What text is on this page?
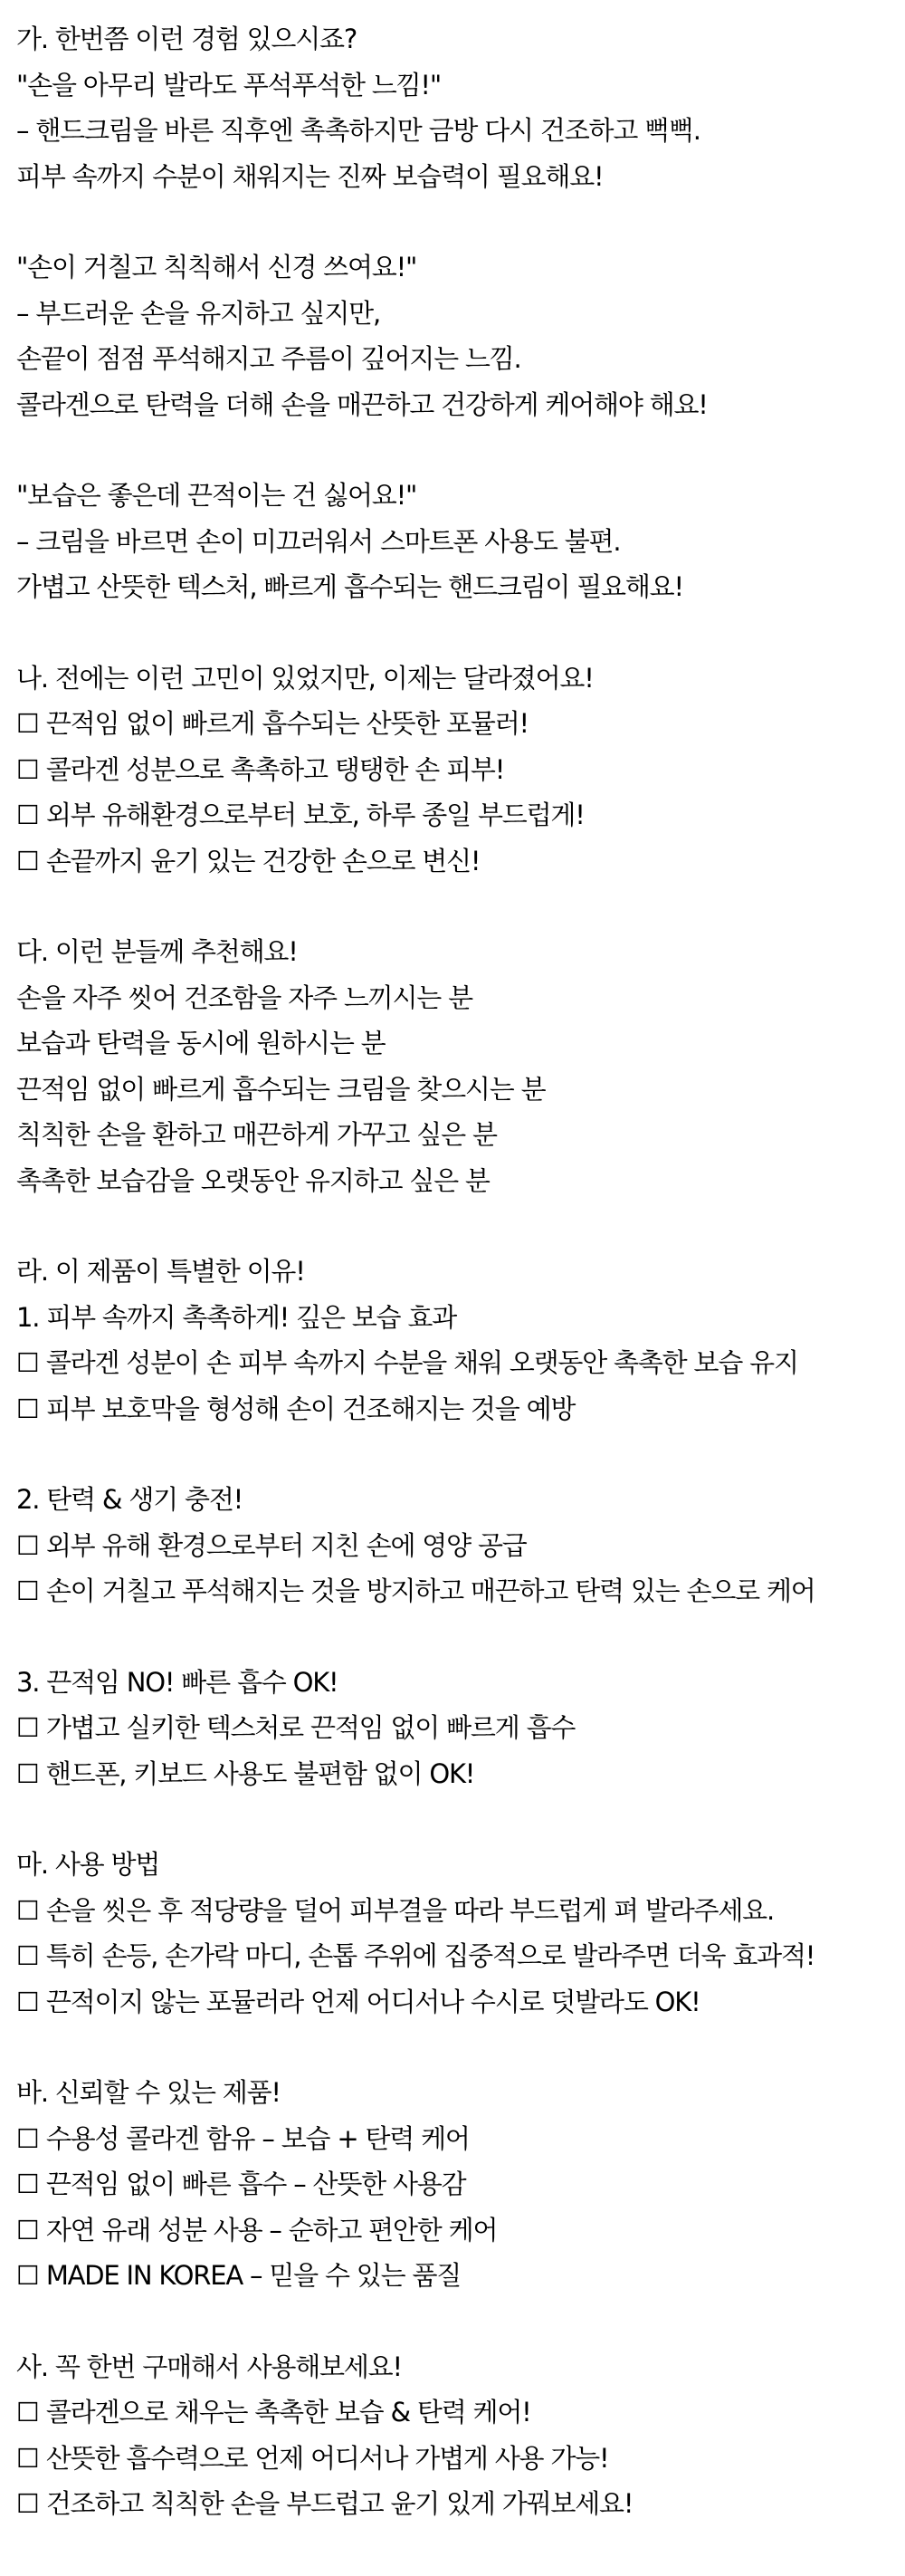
가. 한번쯤 이런 경험 있으시죠?
"손을 아무리 발라도 푸석푸석한 느낌!"
– 핸드크림을 바른 직후엔 촉촉하지만 금방 다시 건조하고 뻑뻑.
피부 속까지 수분이 채워지는 진짜 보습력이 필요해요!
"손이 거칠고 칙칙해서 신경 쓰여요!"
– 부드러운 손을 유지하고 싶지만,
손끝이 점점 푸석해지고 주름이 깊어지는 느낌.
콜라겐으로 탄력을 더해 손을 매끈하고 건강하게 케어해야 해요!
"보습은 좋은데 끈적이는 건 싫어요!"
– 크림을 바르면 손이 미끄러워서 스마트폰 사용도 불편.
가볍고 산뜻한 텍스처, 빠르게 흡수되는 핸드크림이 필요해요!
나. 전에는 이런 고민이 있었지만, 이제는 달라졌어요!
☐ 끈적임 없이 빠르게 흡수되는 산뜻한 포뮬러!
☐ 콜라겐 성분으로 촉촉하고 탱탱한 손 피부!
☐ 외부 유해환경으로부터 보호, 하루 종일 부드럽게!
☐ 손끝까지 윤기 있는 건강한 손으로 변신!
다. 이런 분들께 추천해요!
손을 자주 씻어 건조함을 자주 느끼시는 분
보습과 탄력을 동시에 원하시는 분
끈적임 없이 빠르게 흡수되는 크림을 찾으시는 분
칙칙한 손을 환하고 매끈하게 가꾸고 싶은 분
촉촉한 보습감을 오랫동안 유지하고 싶은 분
라. 이 제품이 특별한 이유!
1. 피부 속까지 촉촉하게! 깊은 보습 효과
☐ 콜라겐 성분이 손 피부 속까지 수분을 채워 오랫동안 촉촉한 보습 유지
☐ 피부 보호막을 형성해 손이 건조해지는 것을 예방
2. 탄력 & 생기 충전!
☐ 외부 유해 환경으로부터 지친 손에 영양 공급
☐ 손이 거칠고 푸석해지는 것을 방지하고 매끈하고 탄력 있는 손으로 케어
3. 끈적임 NO! 빠른 흡수 OK!
☐ 가볍고 실키한 텍스처로 끈적임 없이 빠르게 흡수
☐ 핸드폰, 키보드 사용도 불편함 없이 OK!
마. 사용 방법
☐ 손을 씻은 후 적당량을 덜어 피부결을 따라 부드럽게 펴 발라주세요.
☐ 특히 손등, 손가락 마디, 손톱 주위에 집중적으로 발라주면 더욱 효과적!
☐ 끈적이지 않는 포뮬러라 언제 어디서나 수시로 덧발라도 OK!
바. 신뢰할 수 있는 제품!
☐ 수용성 콜라겐 함유 – 보습 + 탄력 케어
☐ 끈적임 없이 빠른 흡수 – 산뜻한 사용감
☐ 자연 유래 성분 사용 – 순하고 편안한 케어
☐ MADE IN KOREA – 믿을 수 있는 품질
사. 꼭 한번 구매해서 사용해보세요!
☐ 콜라겐으로 채우는 촉촉한 보습 & 탄력 케어!
☐ 산뜻한 흡수력으로 언제 어디서나 가볍게 사용 가능!
☐ 건조하고 칙칙한 손을 부드럽고 윤기 있게 가꿔보세요!
